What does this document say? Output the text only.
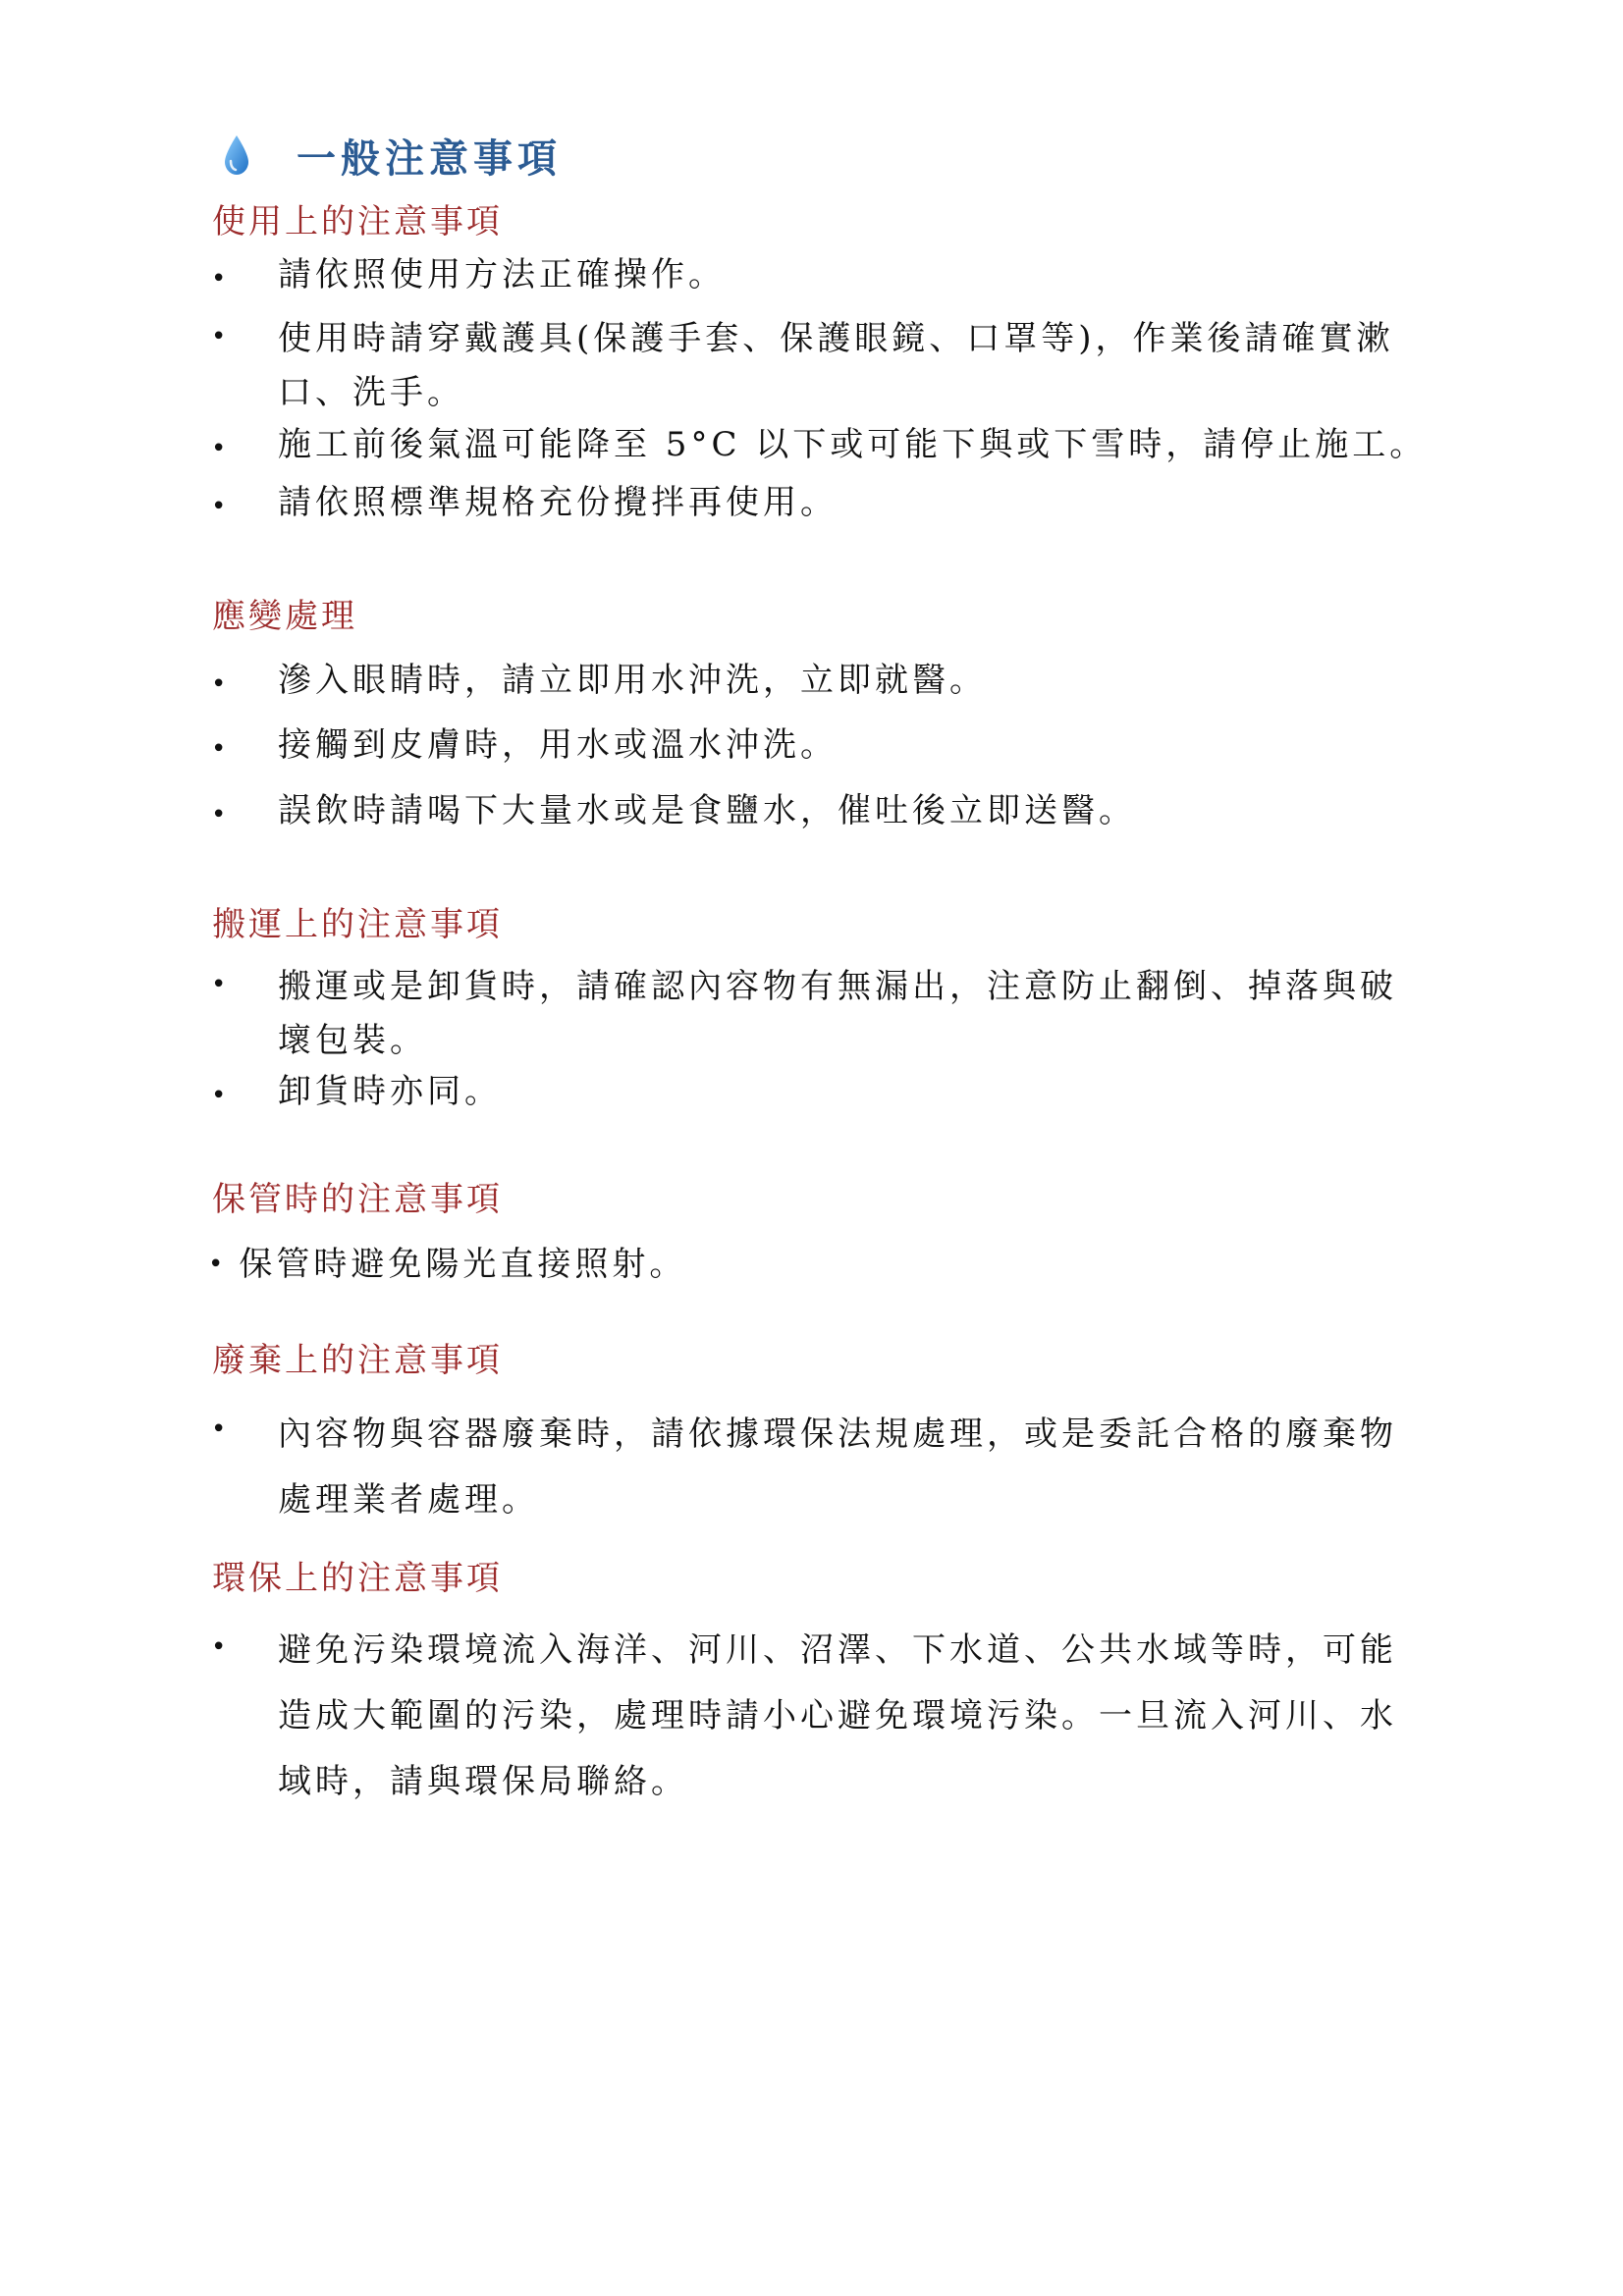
一般注意事項
使用上的注意事項
• 請依照使用方法正確操作。
• 使用時請穿戴護具(保護手套、保護眼鏡、口罩等)，作業後請確實漱
口、洗手。
• 施工前後氣溫可能降至 5°C 以下或可能下與或下雪時，請停止施工。
• 請依照標準規格充份攪拌再使用。
應變處理
• 滲入眼睛時，請立即用水沖洗，立即就醫。
• 接觸到皮膚時，用水或溫水沖洗。
• 誤飲時請喝下大量水或是食鹽水，催吐後立即送醫。
搬運上的注意事項
• 搬運或是卸貨時，請確認內容物有無漏出，注意防止翻倒、掉落與破
壞包裝。
• 卸貨時亦同。
保管時的注意事項
• 保管時避免陽光直接照射。
廢棄上的注意事項
• 內容物與容器廢棄時，請依據環保法規處理，或是委託合格的廢棄物
處理業者處理。
環保上的注意事項
• 避免污染環境流入海洋、河川、沼澤、下水道、公共水域等時，可能
造成大範圍的污染，處理時請小心避免環境污染。一旦流入河川、水
域時，請與環保局聯絡。
